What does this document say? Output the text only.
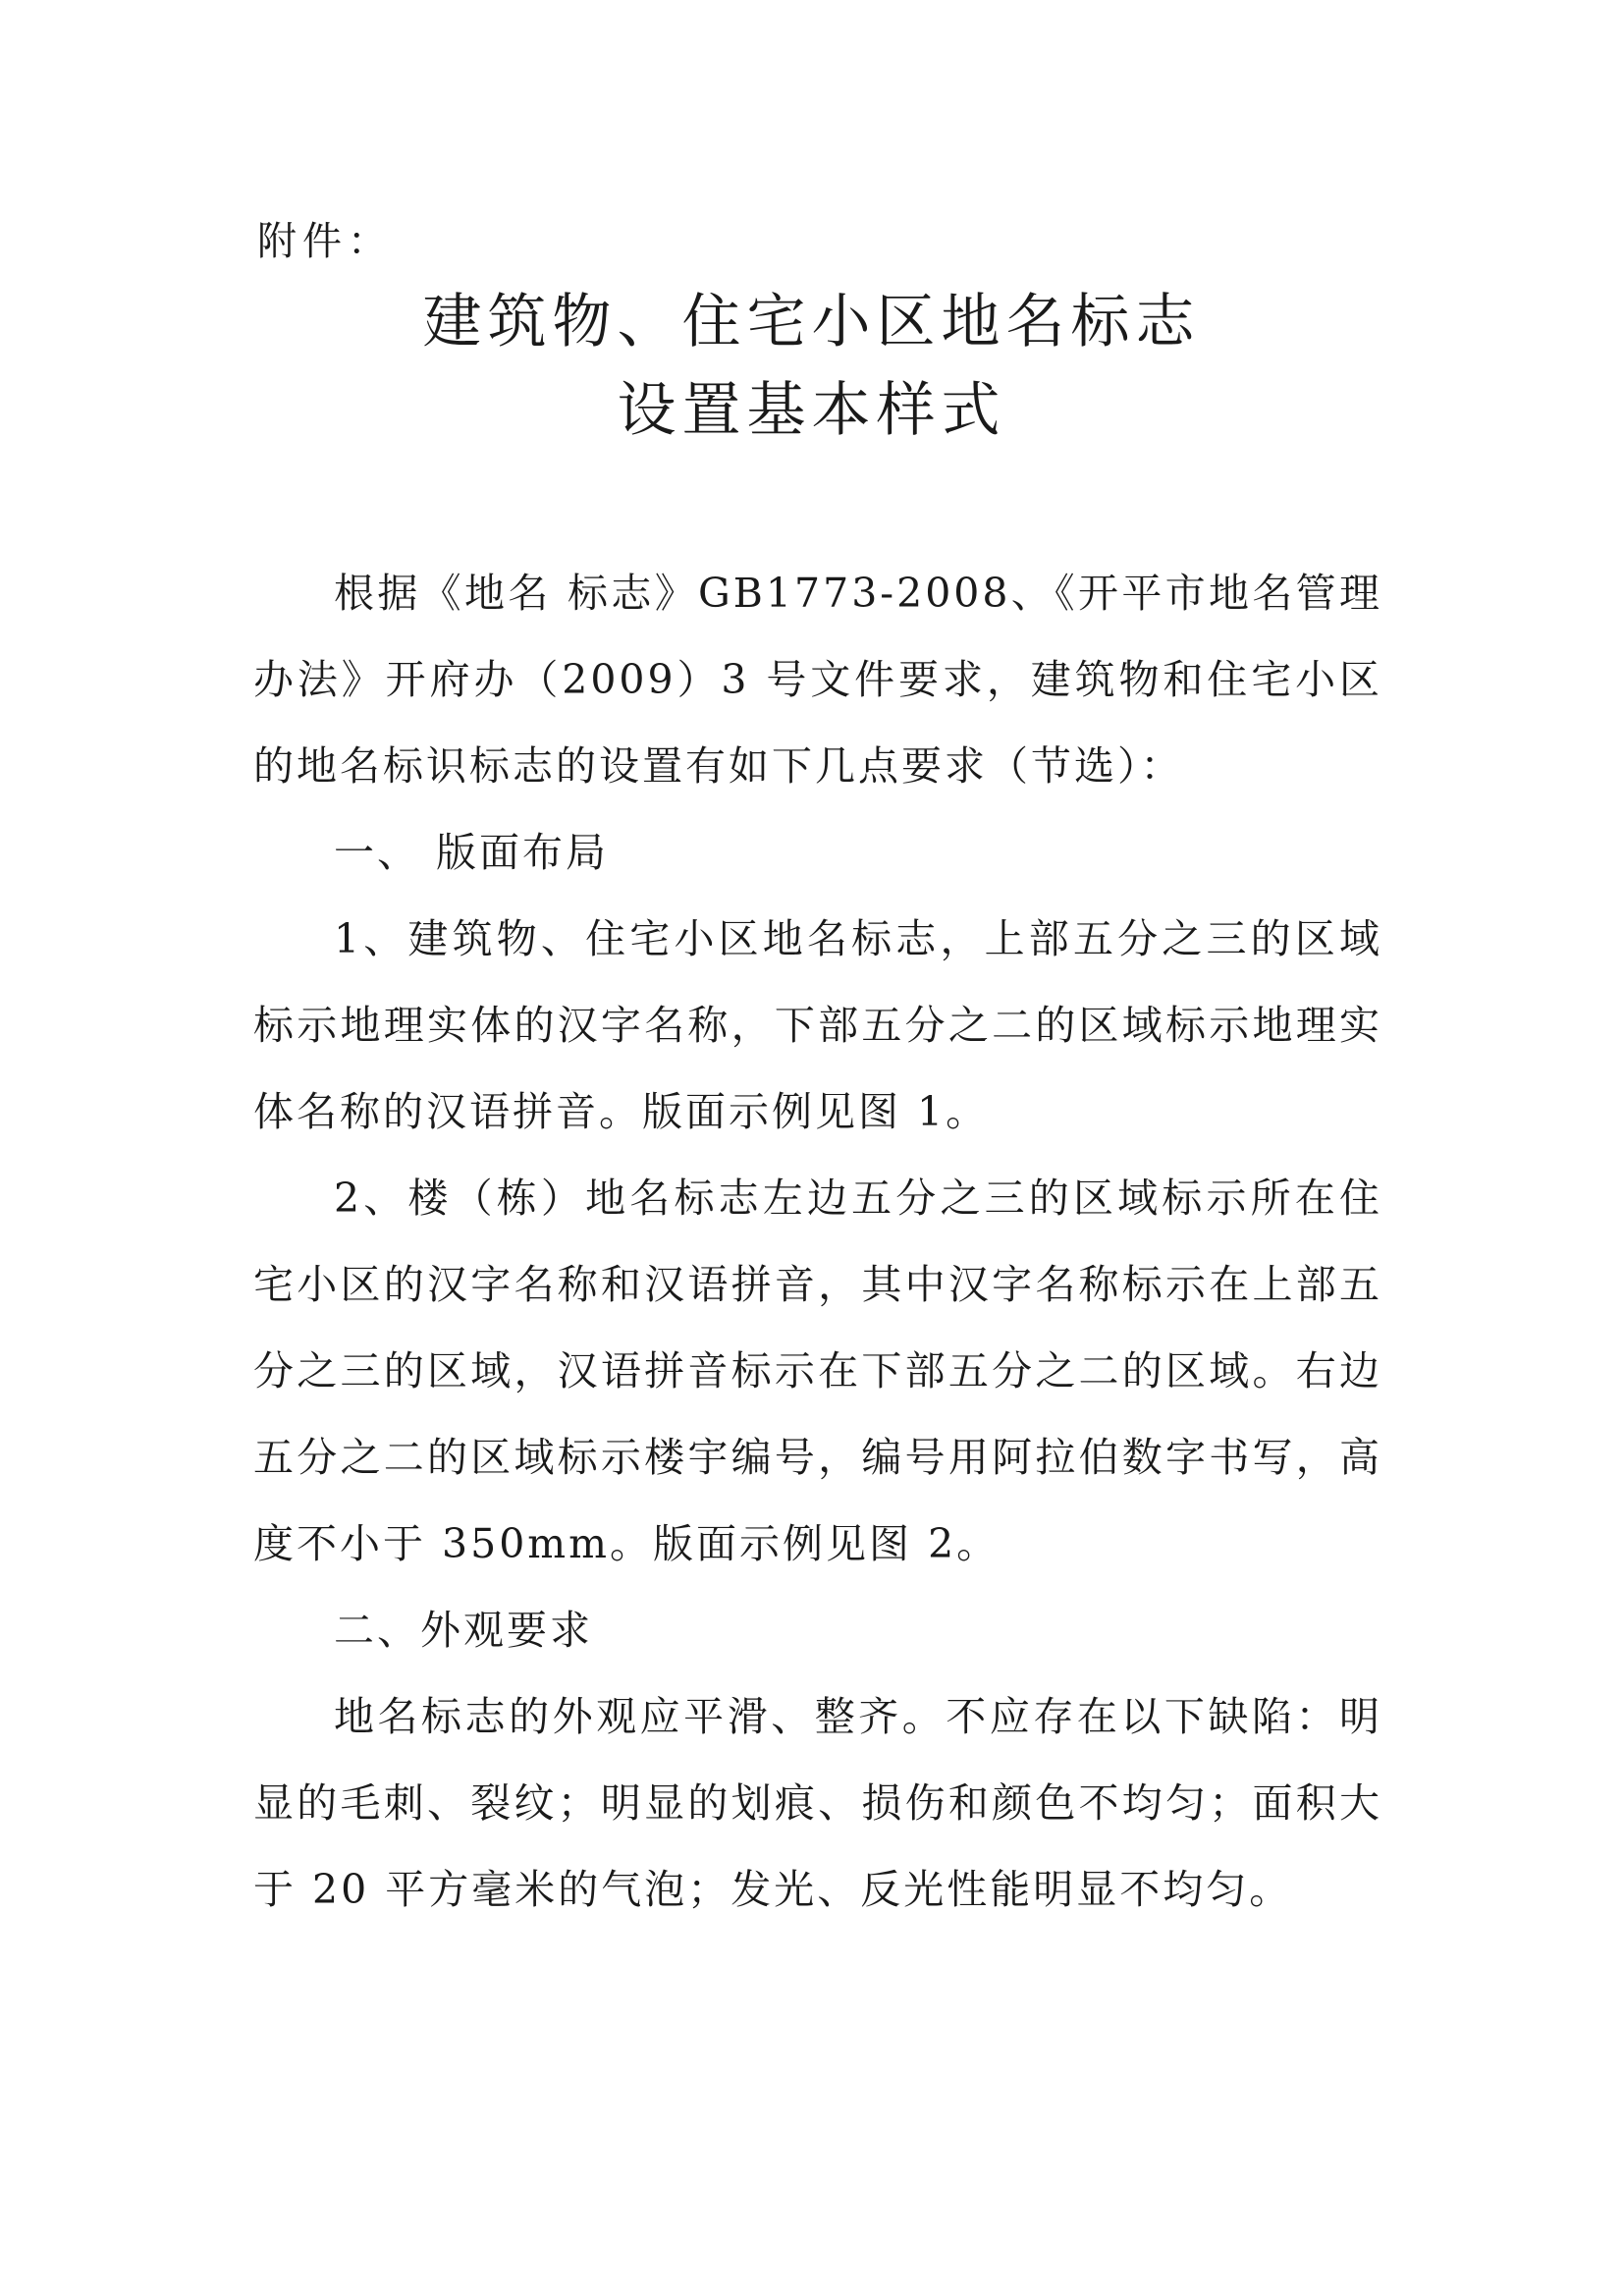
附件：

建筑物、住宅小区地名标志
设置基本样式

根据《地名 标志》GB1773-2008、《开平市地名管理办法》开府办（2009）3 号文件要求，建筑物和住宅小区的地名标识标志的设置有如下几点要求（节选）：

一、 版面布局

1、建筑物、住宅小区地名标志，上部五分之三的区域标示地理实体的汉字名称，下部五分之二的区域标示地理实体名称的汉语拼音。版面示例见图 1。

2、楼（栋）地名标志左边五分之三的区域标示所在住宅小区的汉字名称和汉语拼音，其中汉字名称标示在上部五分之三的区域，汉语拼音标示在下部五分之二的区域。右边五分之二的区域标示楼宇编号，编号用阿拉伯数字书写，高度不小于 350mm。版面示例见图 2。

二、外观要求

地名标志的外观应平滑、整齐。不应存在以下缺陷：明显的毛刺、裂纹；明显的划痕、损伤和颜色不均匀；面积大于 20 平方毫米的气泡；发光、反光性能明显不均匀。
